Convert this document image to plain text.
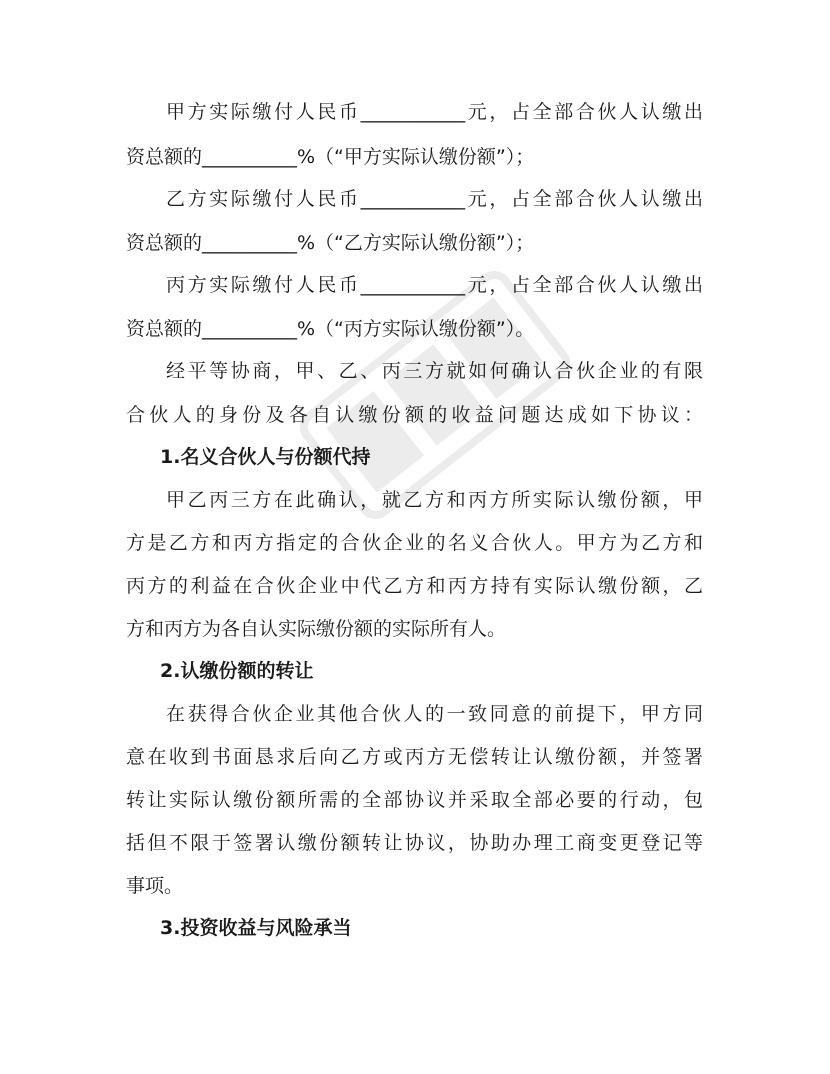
甲方实际缴付人民币___________元，占全部合伙人认缴出
资总额的__________%（“甲方实际认缴份额”）；
乙方实际缴付人民币___________元，占全部合伙人认缴出
资总额的__________%（“乙方实际认缴份额”）；
丙方实际缴付人民币___________元，占全部合伙人认缴出
资总额的__________%（“丙方实际认缴份额”）。
经平等协商，甲、乙、丙三方就如何确认合伙企业的有限
合伙人的身份及各自认缴份额的收益问题达成如下协议：
1.名义合伙人与份额代持
甲乙丙三方在此确认，就乙方和丙方所实际认缴份额，甲
方是乙方和丙方指定的合伙企业的名义合伙人。甲方为乙方和
丙方的利益在合伙企业中代乙方和丙方持有实际认缴份额，乙
方和丙方为各自认实际缴份额的实际所有人。
2.认缴份额的转让
在获得合伙企业其他合伙人的一致同意的前提下，甲方同
意在收到书面恳求后向乙方或丙方无偿转让认缴份额，并签署
转让实际认缴份额所需的全部协议并采取全部必要的行动，包
括但不限于签署认缴份额转让协议，协助办理工商变更登记等
事项。
3.投资收益与风险承当
